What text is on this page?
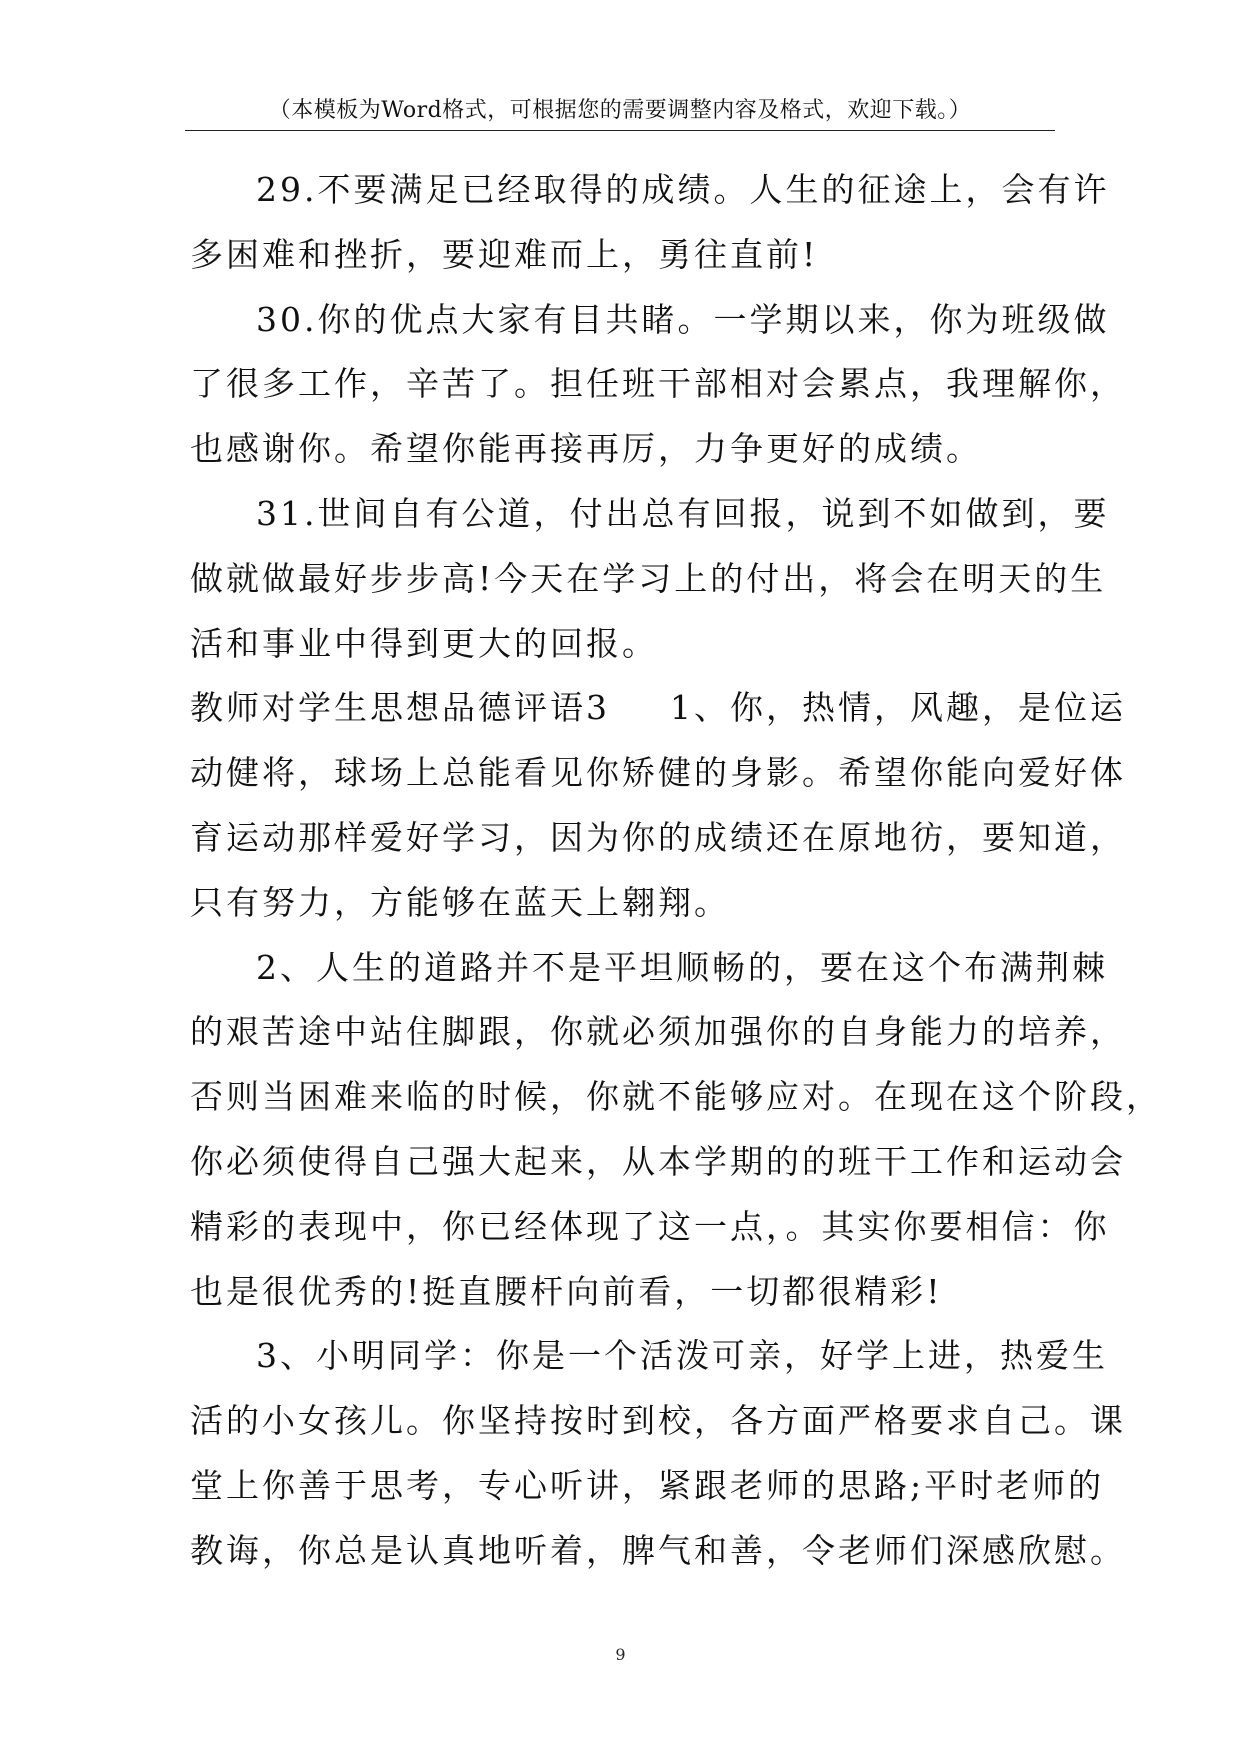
（本模板为Word格式，可根据您的需要调整内容及格式，欢迎下载。）
29.不要满足已经取得的成绩。人生的征途上，会有许
多困难和挫折，要迎难而上，勇往直前!
30.你的优点大家有目共睹。一学期以来，你为班级做
了很多工作，辛苦了。担任班干部相对会累点，我理解你，
也感谢你。希望你能再接再厉，力争更好的成绩。
31.世间自有公道，付出总有回报，说到不如做到，要
做就做最好步步高!今天在学习上的付出，将会在明天的生
活和事业中得到更大的回报。
教师对学生思想品德评语3 1、你，热情，风趣，是位运
动健将，球场上总能看见你矫健的身影。希望你能向爱好体
育运动那样爱好学习，因为你的成绩还在原地彷，要知道，
只有努力，方能够在蓝天上翱翔。
2、人生的道路并不是平坦顺畅的，要在这个布满荆棘
的艰苦途中站住脚跟，你就必须加强你的自身能力的培养，
否则当困难来临的时候，你就不能够应对。在现在这个阶段，
你必须使得自己强大起来，从本学期的的班干工作和运动会
精彩的表现中，你已经体现了这一点，。其实你要相信：你
也是很优秀的!挺直腰杆向前看，一切都很精彩!
3、小明同学：你是一个活泼可亲，好学上进，热爱生
活的小女孩儿。你坚持按时到校，各方面严格要求自己。课
堂上你善于思考，专心听讲，紧跟老师的思路;平时老师的
教诲，你总是认真地听着，脾气和善，令老师们深感欣慰。
9
